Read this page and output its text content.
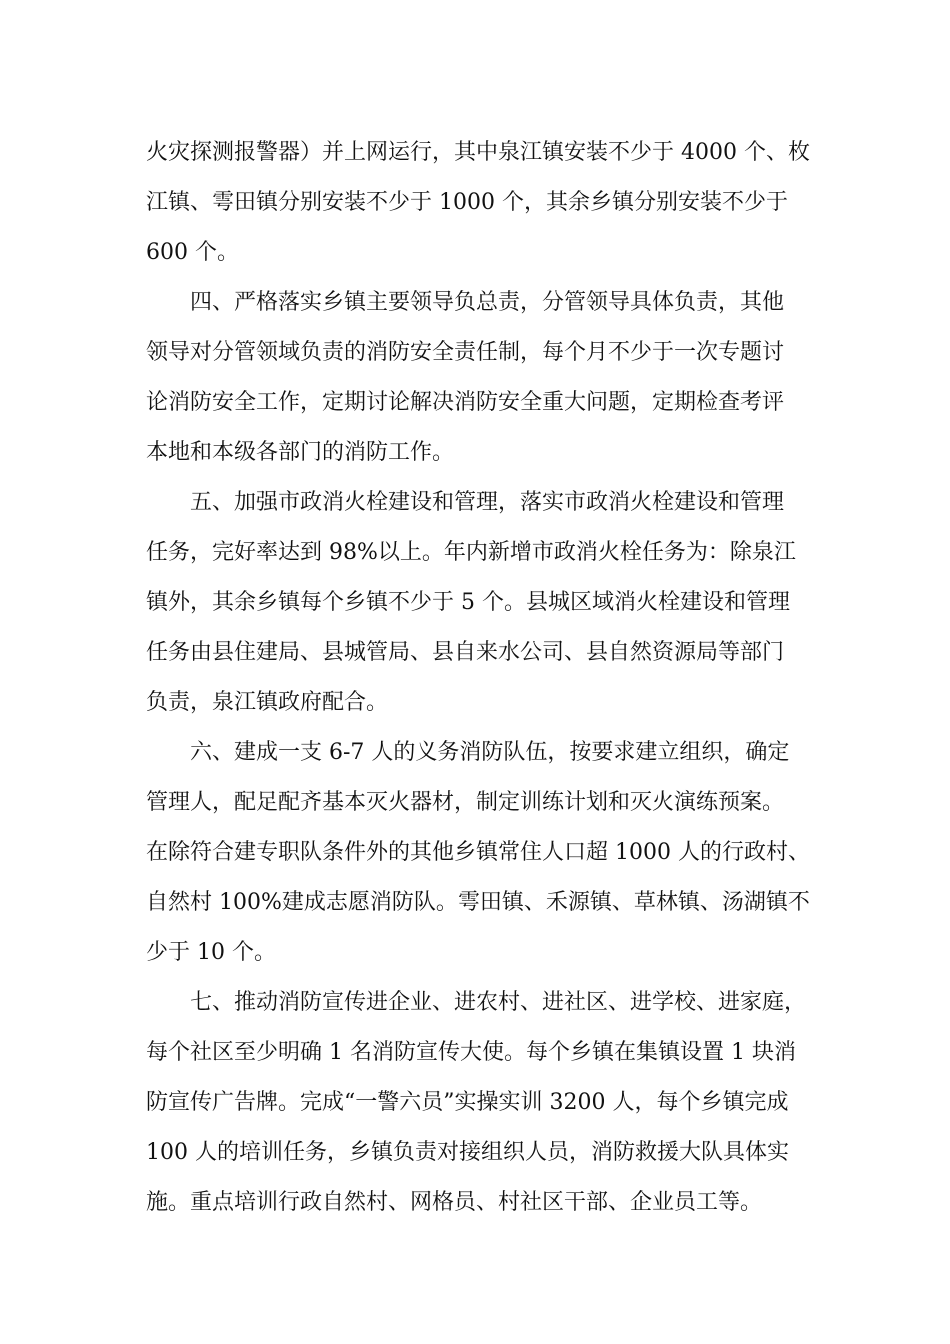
火灾探测报警器）并上网运行，其中泉江镇安装不少于 4000 个、枚
江镇、雩田镇分别安装不少于 1000 个，其余乡镇分别安装不少于
600 个。
四、严格落实乡镇主要领导负总责，分管领导具体负责，其他
领导对分管领域负责的消防安全责任制，每个月不少于一次专题讨
论消防安全工作，定期讨论解决消防安全重大问题，定期检查考评
本地和本级各部门的消防工作。
五、加强市政消火栓建设和管理，落实市政消火栓建设和管理
任务，完好率达到 98%以上。年内新增市政消火栓任务为：除泉江
镇外，其余乡镇每个乡镇不少于 5 个。县城区域消火栓建设和管理
任务由县住建局、县城管局、县自来水公司、县自然资源局等部门
负责，泉江镇政府配合。
六、建成一支 6-7 人的义务消防队伍，按要求建立组织，确定
管理人，配足配齐基本灭火器材，制定训练计划和灭火演练预案。
在除符合建专职队条件外的其他乡镇常住人口超 1000 人的行政村、
自然村 100%建成志愿消防队。雩田镇、禾源镇、草林镇、汤湖镇不
少于 10 个。
七、推动消防宣传进企业、进农村、进社区、进学校、进家庭，
每个社区至少明确 1 名消防宣传大使。每个乡镇在集镇设置 1 块消
防宣传广告牌。完成“一警六员”实操实训 3200 人，每个乡镇完成
100 人的培训任务，乡镇负责对接组织人员，消防救援大队具体实
施。重点培训行政自然村、网格员、村社区干部、企业员工等。
